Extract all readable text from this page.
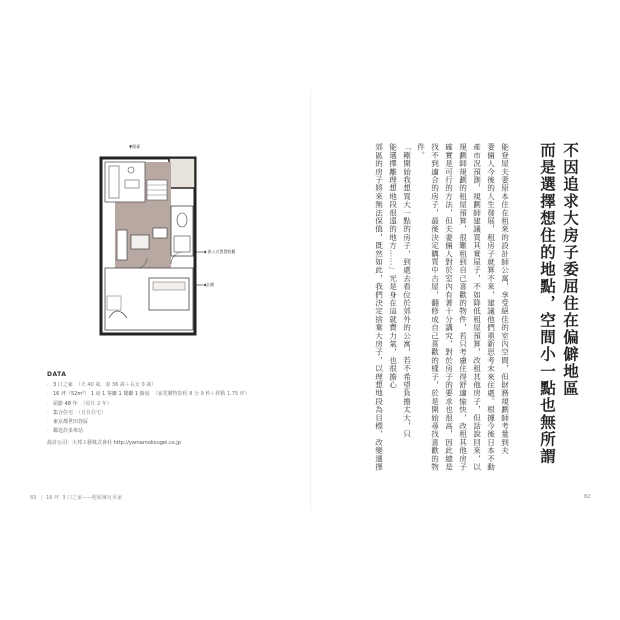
▼陽臺
◀ 嵌入式置置鞋櫃
◀玄關
DATA
· 3 口之家 （夫 40 歲、妻 36 歲＋長女 0 歲）
· 16 坪（52m²） 1 房 1 客廳 1 餐廳 1 廚房 （家電購物影程 8 分 9 秒＋移動 1.75 坪）
· 屋齡 48 年 （屋住 2 年）
· 集合住宅 （自有住宅）
· 東京都世田谷區
· 鄰近許多車站
設計公司：大邦工藝株式會社 http://yamamokougei.co.jp
83 | 16 坪 3 口之家——輕鬆擁有更家
不因追求大房子委屈住在偏僻地區
而是選擇想住的地點，空間小一點也無所謂
能登屋夫妻原本住在租來的設計師公寓，享受絕佳的室內空間，但財務規劃師考量到夫
妻倆人今後的人生發展，租房子就算不來，建議他們重新思考未來住處。根據今後日本不動
產市況預測，規劃師建議買其實屋子，不如降低租屋預算，改租其他房子，但話說回來，以
規劃師規劃的租屋預算，很難租到自己喜歡的物件，若只考慮住得舒適愉快，改租其他房子
確實是可行的方法，但夫妻倆人對於室內有著十分講究，對於房子的要求也很高，因此總是
找不到適合的房子，最後決定購買中古屋，翻修成自己喜歡的樣子，於是開始尋找喜歡的物
件。
「剛開始我想買大一點的房子，到處去看位於郊外的公寓，若不希望負擔太大，只
能選擇離理想地段很遠的地方……」光是身在這就費力氣，也很擔心
郊區的房子將來無法保值，既然如此，我們決定捨棄大房子，以理想地段為目標，改變選擇
82
